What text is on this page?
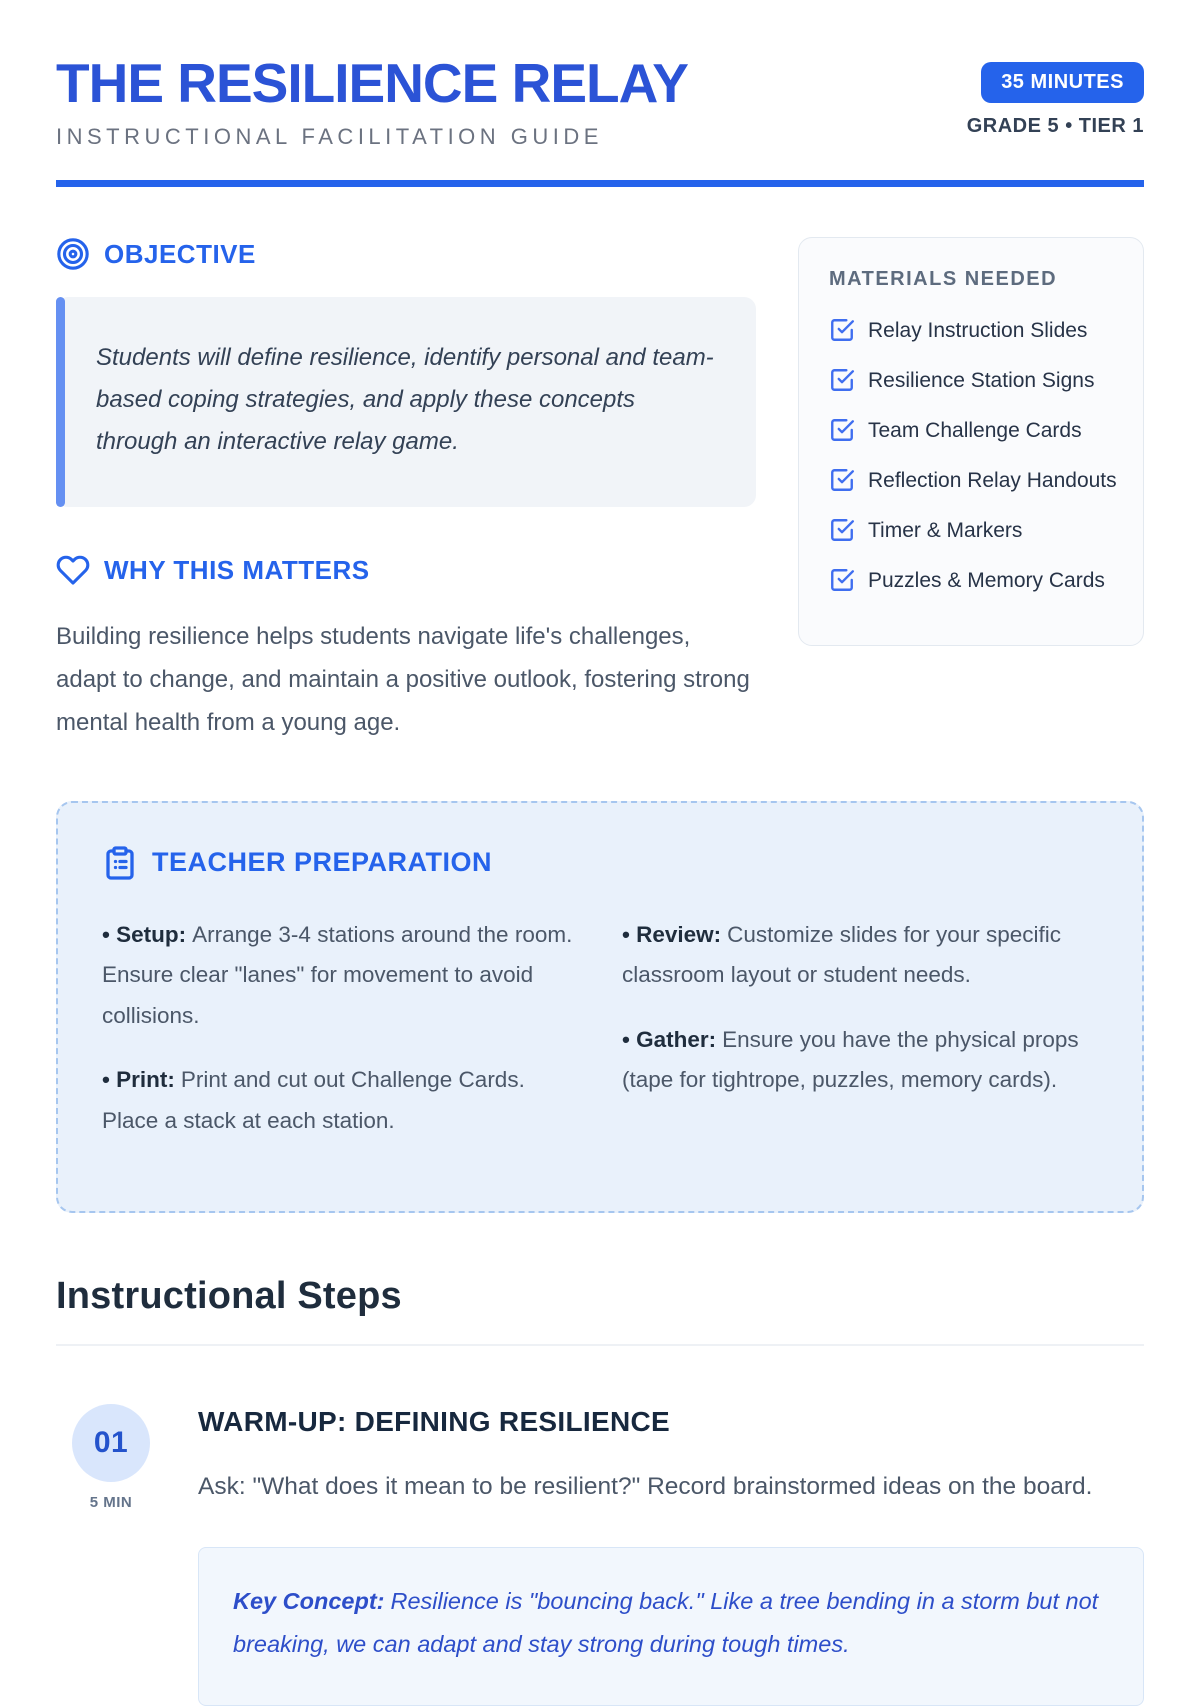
THE RESILIENCE RELAY
INSTRUCTIONAL FACILITATION GUIDE
35 MINUTES
GRADE 5 • TIER 1
OBJECTIVE
Students will define resilience, identify personal and team-based coping strategies, and apply these concepts through an interactive relay game.
WHY THIS MATTERS

Building resilience helps students navigate life's challenges, adapt to change, and maintain a positive outlook, fostering strong mental health from a young age.

MATERIALS NEEDED
Relay Instruction Slides
Resilience Station Signs
Team Challenge Cards
Reflection Relay Handouts
Timer & Markers
Puzzles & Memory Cards
TEACHER PREPARATION

• Setup: Arrange 3-4 stations around the room. Ensure clear "lanes" for movement to avoid collisions.

• Print: Print and cut out Challenge Cards. Place a stack at each station.

• Review: Customize slides for your specific classroom layout or student needs.

• Gather: Ensure you have the physical props (tape for tightrope, puzzles, memory cards).

Instructional Steps
01
5 MIN
WARM-UP: DEFINING RESILIENCE

Ask: "What does it mean to be resilient?" Record brainstormed ideas on the board.

Key Concept: Resilience is "bouncing back." Like a tree bending in a storm but not breaking, we can adapt and stay strong during tough times.
